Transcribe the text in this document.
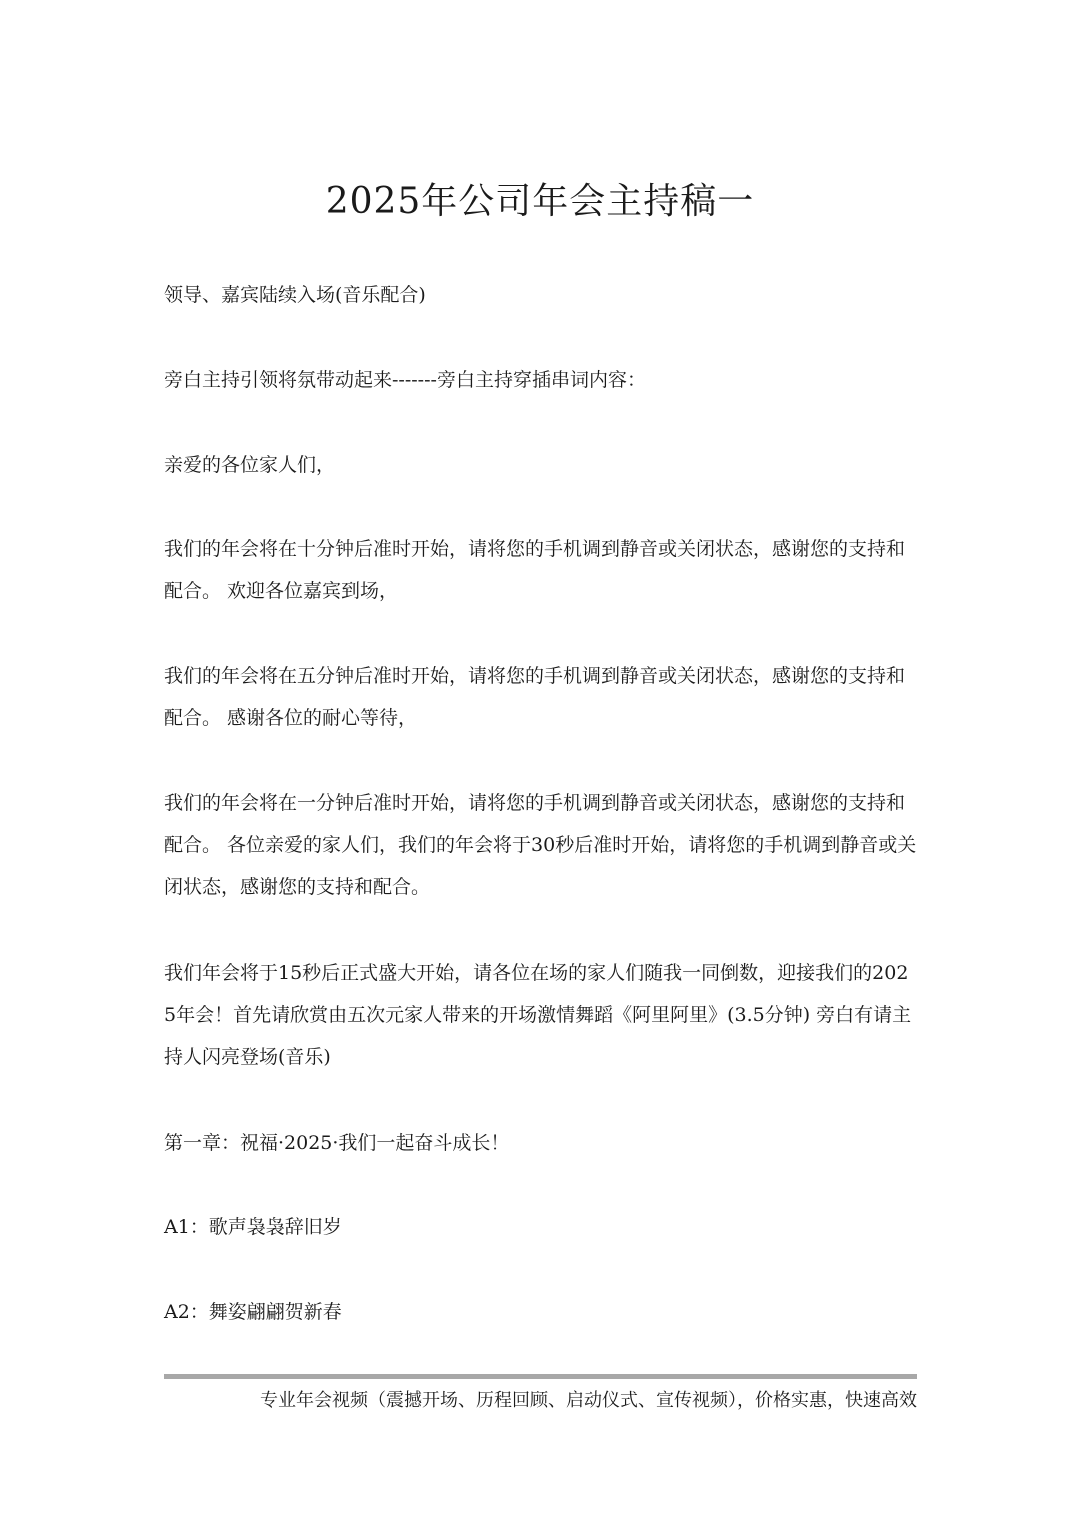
2025年公司年会主持稿一

领导、嘉宾陆续入场(音乐配合)

旁白主持引领将氛带动起来-------旁白主持穿插串词内容：

亲爱的各位家人们，

我们的年会将在十分钟后准时开始，请将您的手机调到静音或关闭状态，感谢您的支持和配合。 欢迎各位嘉宾到场，

我们的年会将在五分钟后准时开始，请将您的手机调到静音或关闭状态，感谢您的支持和配合。 感谢各位的耐心等待，

我们的年会将在一分钟后准时开始，请将您的手机调到静音或关闭状态，感谢您的支持和配合。 各位亲爱的家人们，我们的年会将于30秒后准时开始，请将您的手机调到静音或关闭状态，感谢您的支持和配合。

我们年会将于15秒后正式盛大开始，请各位在场的家人们随我一同倒数，迎接我们的2025年会！首先请欣赏由五次元家人带来的开场激情舞蹈《阿里阿里》(3.5分钟) 旁白有请主持人闪亮登场(音乐)

第一章：祝福·2025·我们一起奋斗成长！

A1：歌声袅袅辞旧岁

A2：舞姿翩翩贺新春

专业年会视频（震撼开场、历程回顾、启动仪式、宣传视频），价格实惠，快速高效
